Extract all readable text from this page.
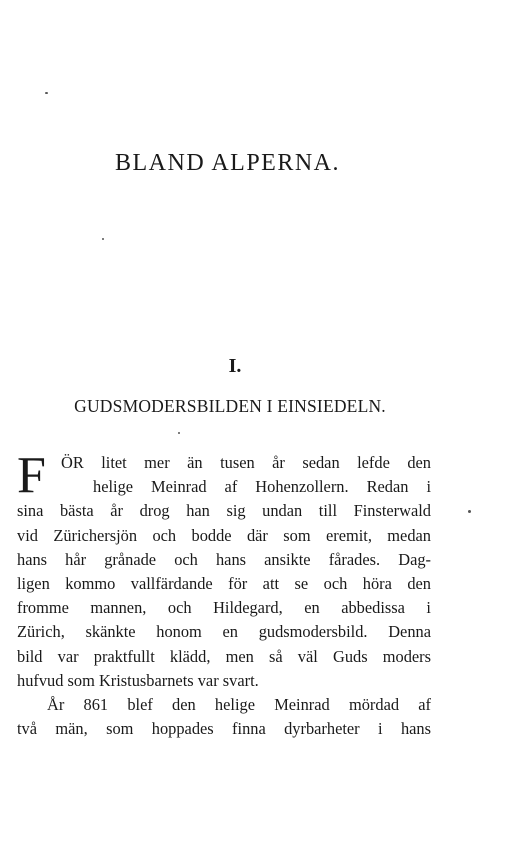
BLAND ALPERNA.
I.
GUDSMODERSBILDEN I EINSIEDELN.
F ÖR litet mer än tusen år sedan lefde den
helige Meinrad af Hohenzollern. Redan i
sina bästa år drog han sig undan till Finsterwald
vid Zürichersjön och bodde där som eremit, medan
hans hår grånade och hans ansikte fårades. Dag-
ligen kommo vallfärdande för att se och höra den
fromme mannen, och Hildegard, en abbedissa i
Zürich, skänkte honom en gudsmodersbild. Denna
bild var praktfullt klädd, men så väl Guds moders
hufvud som Kristusbarnets var svart.
År 861 blef den helige Meinrad mördad af
två män, som hoppades finna dyrbarheter i hans
